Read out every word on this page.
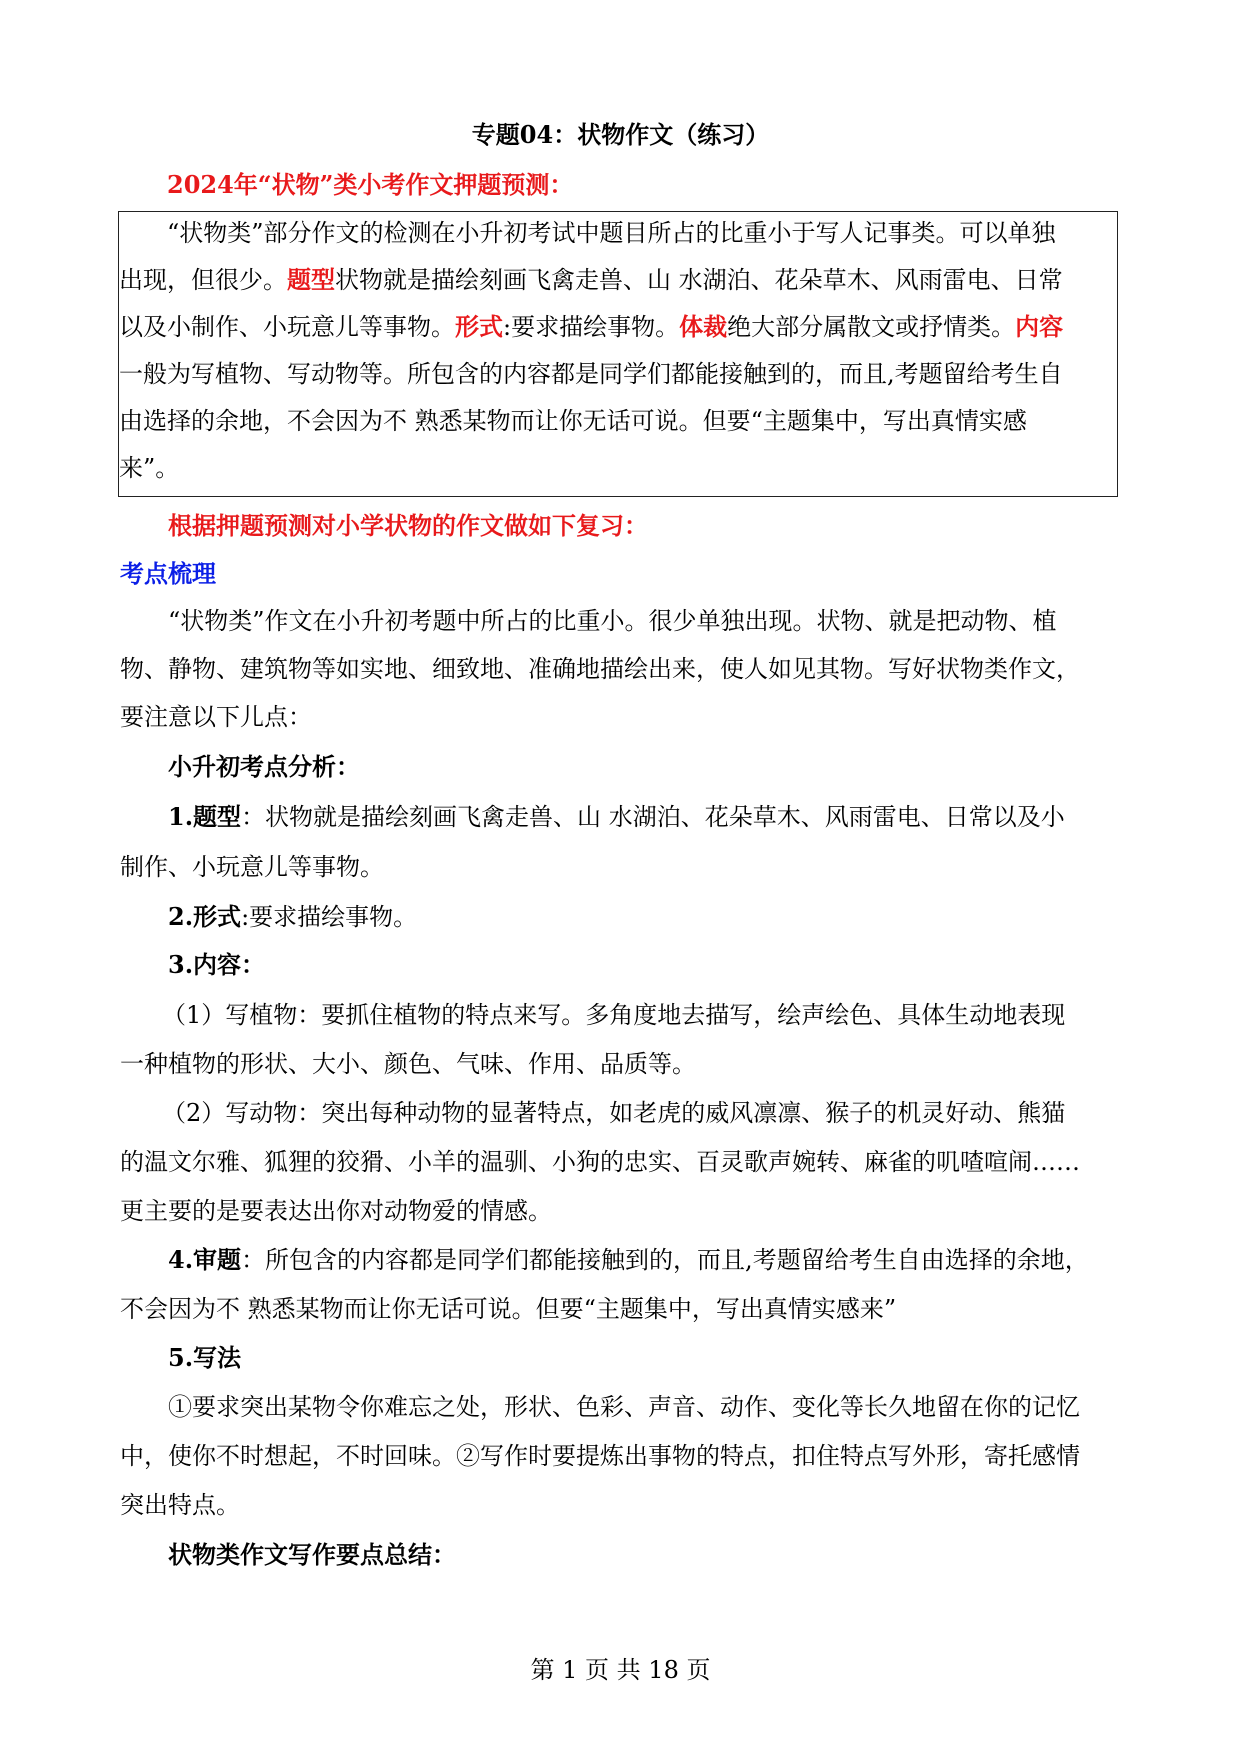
专题04：状物作文（练习）
2024年“状物”类小考作文押题预测：
“状物类”部分作文的检测在小升初考试中题目所占的比重小于写人记事类。可以单独
出现，但很少。题型状物就是描绘刻画飞禽走兽、山 水湖泊、花朵草木、风雨雷电、日常
以及小制作、小玩意儿等事物。形式:要求描绘事物。体裁绝大部分属散文或抒情类。内容
一般为写植物、写动物等。所包含的内容都是同学们都能接触到的，而且,考题留给考生自
由选择的余地，不会因为不 熟悉某物而让你无话可说。但要“主题集中，写出真情实感
来”。
根据押题预测对小学状物的作文做如下复习：
考点梳理
“状物类”作文在小升初考题中所占的比重小。很少单独出现。状物、就是把动物、植
物、静物、建筑物等如实地、细致地、准确地描绘出来，使人如见其物。写好状物类作文，
要注意以下儿点：
小升初考点分析：
1.题型：状物就是描绘刻画飞禽走兽、山 水湖泊、花朵草木、风雨雷电、日常以及小
制作、小玩意儿等事物。
2.形式:要求描绘事物。
3.内容：
（1）写植物：要抓住植物的特点来写。多角度地去描写，绘声绘色、具体生动地表现
一种植物的形状、大小、颜色、气味、作用、品质等。
（2）写动物：突出每种动物的显著特点，如老虎的威风凛凛、猴子的机灵好动、熊猫
的温文尔雅、狐狸的狡猾、小羊的温驯、小狗的忠实、百灵歌声婉转、麻雀的叽喳喧闹……
更主要的是要表达出你对动物爱的情感。
4.审题：所包含的内容都是同学们都能接触到的，而且,考题留给考生自由选择的余地，
不会因为不 熟悉某物而让你无话可说。但要“主题集中，写出真情实感来”
5.写法
①要求突出某物令你难忘之处，形状、色彩、声音、动作、变化等长久地留在你的记忆
中，使你不时想起，不时回味。②写作时要提炼出事物的特点，扣住特点写外形，寄托感情
突出特点。
状物类作文写作要点总结：
第 1 页 共 18 页
